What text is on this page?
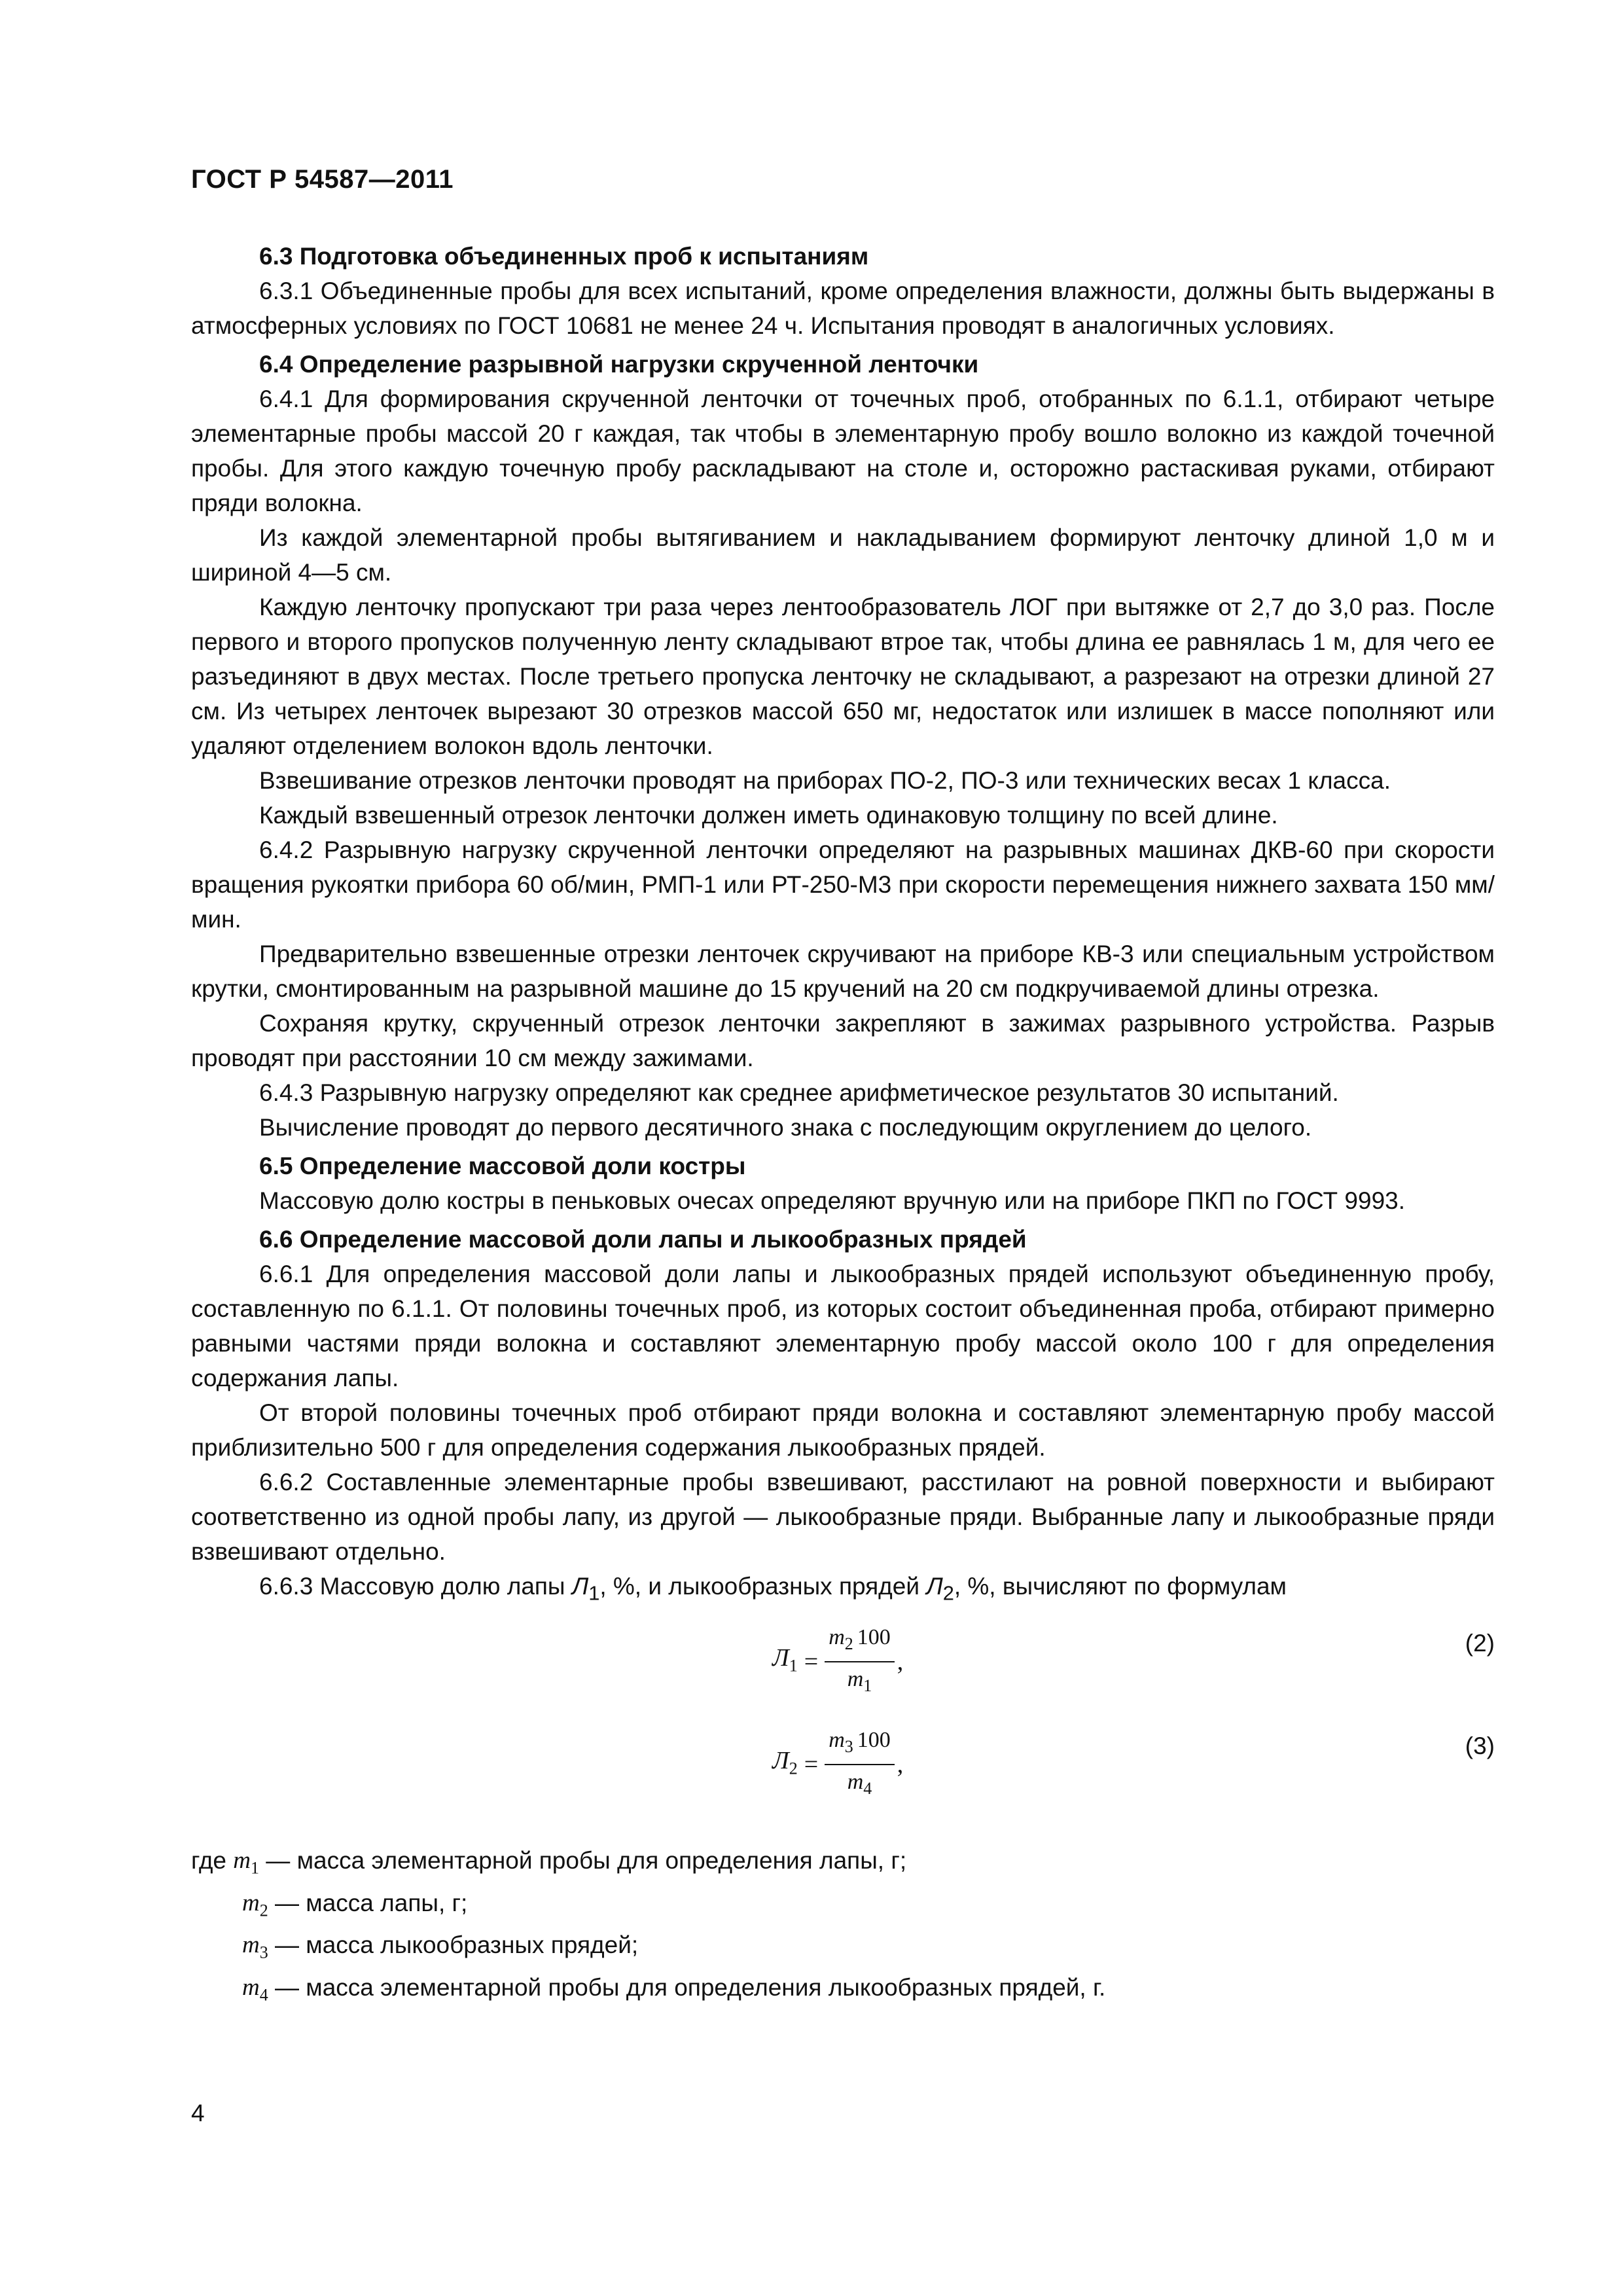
ГОСТ Р 54587—2011
6.3 Подготовка объединенных проб к испытаниям

6.3.1 Объединенные пробы для всех испытаний, кроме определения влажности, должны быть выдержаны в атмосферных условиях по ГОСТ 10681 не менее 24 ч. Испытания проводят в аналогичных условиях.

6.4 Определение разрывной нагрузки скрученной ленточки

6.4.1 Для формирования скрученной ленточки от точечных проб, отобранных по 6.1.1, отбирают четыре элементарные пробы массой 20 г каждая, так чтобы в элементарную пробу вошло волокно из каждой точечной пробы. Для этого каждую точечную пробу раскладывают на столе и, осторожно растаскивая руками, отбирают пряди волокна.

Из каждой элементарной пробы вытягиванием и накладыванием формируют ленточку длиной 1,0 м и шириной 4—5 см.

Каждую ленточку пропускают три раза через лентообразователь ЛОГ при вытяжке от 2,7 до 3,0 раз. После первого и второго пропусков полученную ленту складывают втрое так, чтобы длина ее равнялась 1 м, для чего ее разъединяют в двух местах. После третьего пропуска ленточку не складывают, а разрезают на отрезки длиной 27 см. Из четырех ленточек вырезают 30 отрезков массой 650 мг, недостаток или излишек в массе пополняют или удаляют отделением волокон вдоль ленточки.

Взвешивание отрезков ленточки проводят на приборах ПО-2, ПО-3 или технических весах 1 класса.

Каждый взвешенный отрезок ленточки должен иметь одинаковую толщину по всей длине.

6.4.2 Разрывную нагрузку скрученной ленточки определяют на разрывных машинах ДКВ-60 при скорости вращения рукоятки прибора 60 об/мин, РМП-1 или РТ-250-М3 при скорости перемещения нижнего захвата 150 мм/мин.

Предварительно взвешенные отрезки ленточек скручивают на приборе КВ-3 или специальным устройством крутки, смонтированным на разрывной машине до 15 кручений на 20 см подкручиваемой длины отрезка.

Сохраняя крутку, скрученный отрезок ленточки закрепляют в зажимах разрывного устройства. Разрыв проводят при расстоянии 10 см между зажимами.

6.4.3 Разрывную нагрузку определяют как среднее арифметическое результатов 30 испытаний.

Вычисление проводят до первого десятичного знака с последующим округлением до целого.

6.5 Определение массовой доли костры

Массовую долю костры в пеньковых очесах определяют вручную или на приборе ПКП по ГОСТ 9993.

6.6 Определение массовой доли лапы и лыкообразных прядей

6.6.1 Для определения массовой доли лапы и лыкообразных прядей используют объединенную пробу, составленную по 6.1.1. От половины точечных проб, из которых состоит объединенная проба, отбирают примерно равными частями пряди волокна и составляют элементарную пробу массой около 100 г для определения содержания лапы.

От второй половины точечных проб отбирают пряди волокна и составляют элементарную пробу массой приблизительно 500 г для определения содержания лыкообразных прядей.

6.6.2 Составленные элементарные пробы взвешивают, расстилают на ровной поверхности и выбирают соответственно из одной пробы лапу, из другой — лыкообразные пряди. Выбранные лапу и лыкообразные пряди взвешивают отдельно.

6.6.3 Массовую долю лапы $Л_1$, %, и лыкообразных прядей $Л_2$, %, вычисляют по формулам

$Л_1 = \frac{m_2 100}{m_1}$ ,
(2)
$Л_2 = \frac{m_3 100}{m_4}$ ,
(3)

где $m_1$ — масса элементарной пробы для определения лапы, г;

$m_2$ — масса лапы, г;

$m_3$ — масса лыкообразных прядей;

$m_4$ — масса элементарной пробы для определения лыкообразных прядей, г.

4
